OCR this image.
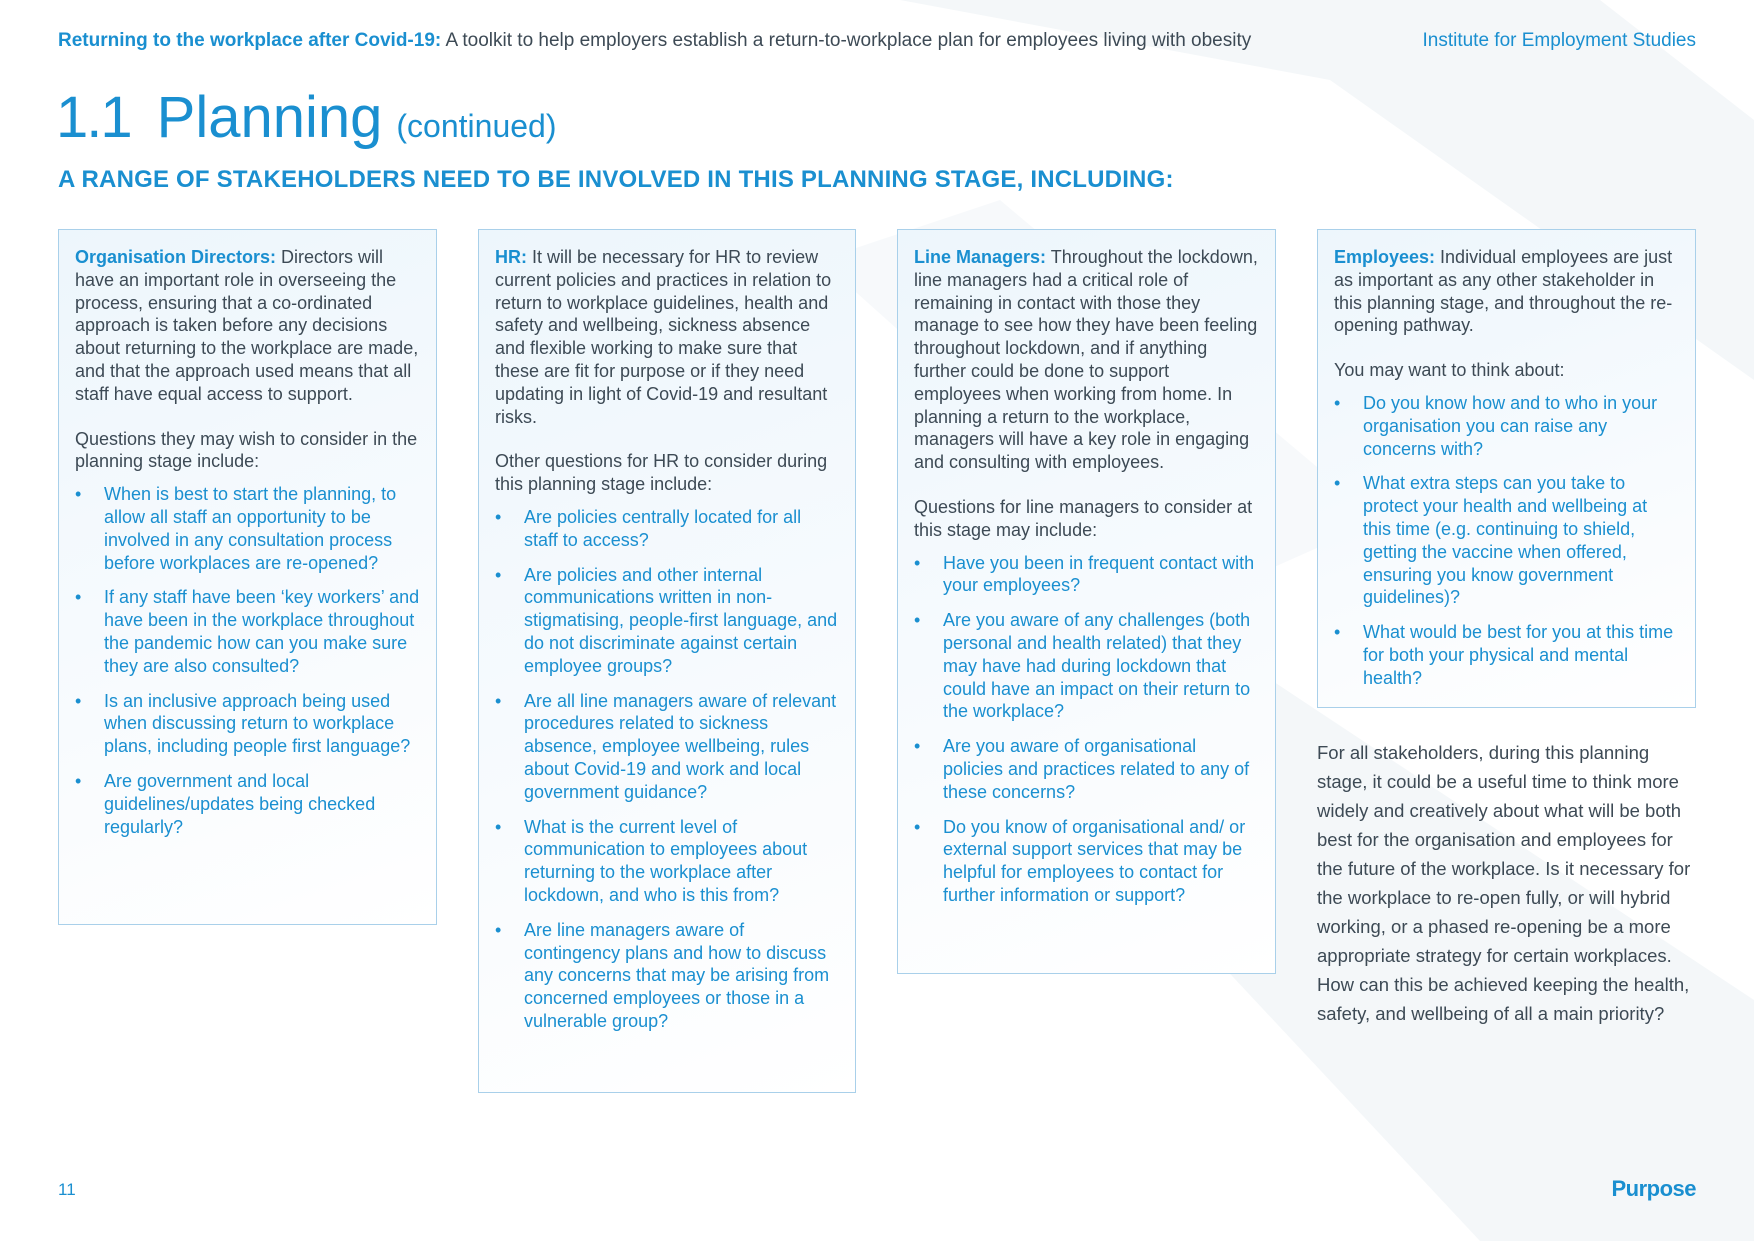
Returning to the workplace after Covid-19: A toolkit to help employers establish a return-to-workplace plan for employees living with obesity	Institute for Employment Studies
1.1 Planning (continued)
A RANGE OF STAKEHOLDERS NEED TO BE INVOLVED IN THIS PLANNING STAGE, INCLUDING:

Organisation Directors: Directors will have an important role in overseeing the process, ensuring that a co-ordinated approach is taken before any decisions about returning to the workplace are made, and that the approach used means that all staff have equal access to support.

Questions they may wish to consider in the planning stage include:

• When is best to start the planning, to allow all staff an opportunity to be involved in any consultation process before workplaces are re-opened?
• If any staff have been ‘key workers’ and have been in the workplace throughout the pandemic how can you make sure they are also consulted?
• Is an inclusive approach being used when discussing return to workplace plans, including people first language?
• Are government and local guidelines/updates being checked regularly?

HR: It will be necessary for HR to review current policies and practices in relation to return to workplace guidelines, health and safety and wellbeing, sickness absence and flexible working to make sure that these are fit for purpose or if they need updating in light of Covid-19 and resultant risks.

Other questions for HR to consider during this planning stage include:

• Are policies centrally located for all staff to access?
• Are policies and other internal communications written in non-stigmatising, people-first language, and do not discriminate against certain employee groups?
• Are all line managers aware of relevant procedures related to sickness absence, employee wellbeing, rules about Covid-19 and work and local government guidance?
• What is the current level of communication to employees about returning to the workplace after lockdown, and who is this from?
• Are line managers aware of contingency plans and how to discuss any concerns that may be arising from concerned employees or those in a vulnerable group?

Line Managers: Throughout the lockdown, line managers had a critical role of remaining in contact with those they manage to see how they have been feeling throughout lockdown, and if anything further could be done to support employees when working from home. In planning a return to the workplace, managers will have a key role in engaging and consulting with employees.

Questions for line managers to consider at this stage may include:

• Have you been in frequent contact with your employees?
• Are you aware of any challenges (both personal and health related) that they may have had during lockdown that could have an impact on their return to the workplace?
• Are you aware of organisational policies and practices related to any of these concerns?
• Do you know of organisational and/ or external support services that may be helpful for employees to contact for further information or support?

Employees: Individual employees are just as important as any other stakeholder in this planning stage, and throughout the re-opening pathway.

You may want to think about:

• Do you know how and to who in your organisation you can raise any concerns with?
• What extra steps can you take to protect your health and wellbeing at this time (e.g. continuing to shield, getting the vaccine when offered, ensuring you know government guidelines)?
• What would be best for you at this time for both your physical and mental health?
For all stakeholders, during this planning stage, it could be a useful time to think more widely and creatively about what will be both best for the organisation and employees for the future of the workplace. Is it necessary for the workplace to re-open fully, or will hybrid working, or a phased re-opening be a more appropriate strategy for certain workplaces. How can this be achieved keeping the health, safety, and wellbeing of all a main priority?
11	Purpose
